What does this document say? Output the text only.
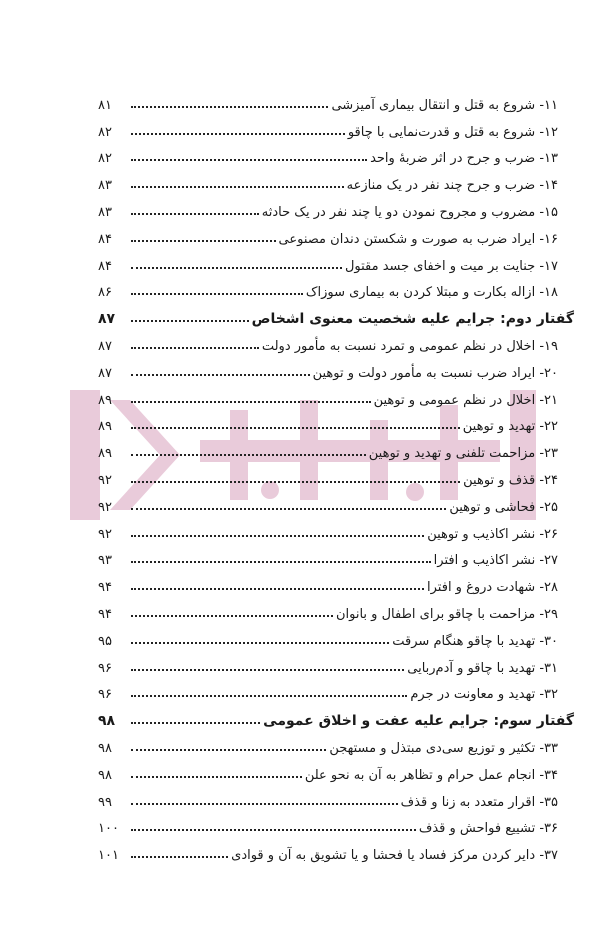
۱۱- شروع به قتل و انتقال بیماری آمیزشی
۸۱
۱۲- شروع به قتل و قدرت‌نمایی با چاقو
۸۲
۱۳- ضرب و جرح در اثر ضربهٔ واحد
۸۲
۱۴- ضرب و جرح چند نفر در یک منازعه
۸۳
۱۵- مضروب و مجروح نمودن دو یا چند نفر در یک حادثه
۸۳
۱۶- ایراد ضرب به صورت و شکستن دندان مصنوعی
۸۴
۱۷- جنایت بر میت و اخفای جسد مقتول
۸۴
۱۸- ازاله بکارت و مبتلا کردن به بیماری سوزاک
۸۶
گفتار دوم: جرایم علیه شخصیت معنوی اشخاص
۸۷
۱۹- اخلال در نظم عمومی و تمرد نسبت به مأمور دولت
۸۷
۲۰- ایراد ضرب نسبت به مأمور دولت و توهین
۸۷
۲۱- اخلال در نظم عمومی و توهین
۸۹
۲۲- تهدید و توهین
۸۹
۲۳- مزاحمت تلفنی و تهدید و توهین
۸۹
۲۴- قذف و توهین
۹۲
۲۵- فحاشی و توهین
۹۲
۲۶- نشر اکاذیب و توهین
۹۲
۲۷- نشر اکاذیب و افترا
۹۳
۲۸- شهادت دروغ و افترا
۹۴
۲۹- مزاحمت با چاقو برای اطفال و بانوان
۹۴
۳۰- تهدید با چاقو هنگام سرقت
۹۵
۳۱- تهدید با چاقو و آدم‌ربایی
۹۶
۳۲- تهدید و معاونت در جرم
۹۶
گفتار سوم: جرایم علیه عفت و اخلاق عمومی
۹۸
۳۳- تکثیر و توزیع سی‌دی مبتذل و مستهجن
۹۸
۳۴- انجام عمل حرام و تظاهر به آن به نحو علن
۹۸
۳۵- اقرار متعدد به زنا و قذف
۹۹
۳۶- تشییع فواحش و قذف
۱۰۰
۳۷- دایر کردن مرکز فساد یا فحشا و یا تشویق به آن و قوادی
۱۰۱
